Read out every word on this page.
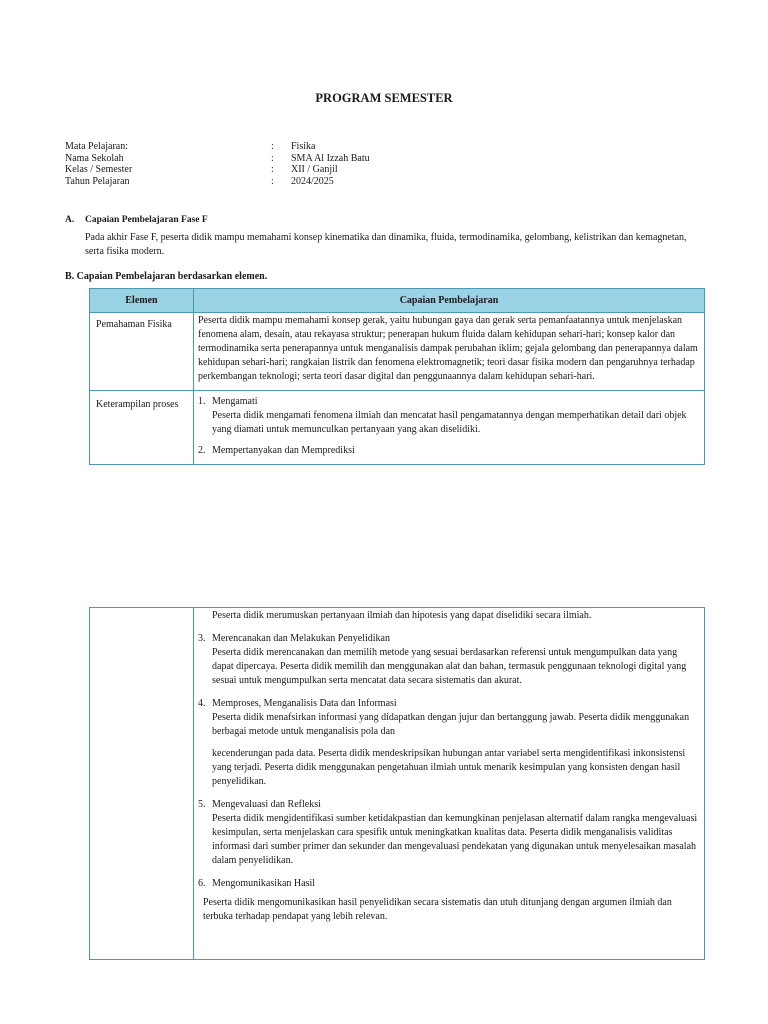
PROGRAM SEMESTER
Mata Pelajaran:	: Fisika
Nama Sekolah	: SMA Al Izzah Batu
Kelas / Semester	: XII / Ganjil
Tahun Pelajaran	: 2024/2025
A. Capaian Pembelajaran Fase F
Pada akhir Fase F, peserta didik mampu memahami konsep kinematika dan dinamika, fluida, termodinamika, gelombang, kelistrikan dan kemagnetan, serta fisika modern.
B. Capaian Pembelajaran berdasarkan elemen.
Elemen	Capaian Pembelajaran
Pemahaman Fisika	Peserta didik mampu memahami konsep gerak, yaitu hubungan gaya dan gerak serta pemanfaatannya untuk menjelaskan fenomena alam, desain, atau rekayasa struktur; penerapan hukum fluida dalam kehidupan sehari-hari; konsep kalor dan termodinamika serta penerapannya untuk menganalisis dampak perubahan iklim; gejala gelombang dan penerapannya dalam kehidupan sehari-hari; rangkaian listrik dan fenomena elektromagnetik; teori dasar fisika modern dan pengaruhnya terhadap perkembangan teknologi; serta teori dasar digital dan penggunaannya dalam kehidupan sehari-hari.
Keterampilan proses	1. Mengamati
Peserta didik mengamati fenomena ilmiah dan mencatat hasil pengamatannya dengan memperhatikan detail dari objek yang diamati untuk memunculkan pertanyaan yang akan diselidiki.
2. Mempertanyakan dan Memprediksi

Peserta didik merumuskan pertanyaan ilmiah dan hipotesis yang dapat diselidiki secara ilmiah.
3. Merencanakan dan Melakukan Penyelidikan
Peserta didik merencanakan dan memilih metode yang sesuai berdasarkan referensi untuk mengumpulkan data yang dapat dipercaya. Peserta didik memilih dan menggunakan alat dan bahan, termasuk penggunaan teknologi digital yang sesuai untuk mengumpulkan serta mencatat data secara sistematis dan akurat.
4. Memproses, Menganalisis Data dan Informasi
Peserta didik menafsirkan informasi yang didapatkan dengan jujur dan bertanggung jawab. Peserta didik menggunakan berbagai metode untuk menganalisis pola dan
kecenderungan pada data. Peserta didik mendeskripsikan hubungan antar variabel serta mengidentifikasi inkonsistensi yang terjadi. Peserta didik menggunakan pengetahuan ilmiah untuk menarik kesimpulan yang konsisten dengan hasil penyelidikan.
5. Mengevaluasi dan Refleksi
Peserta didik mengidentifikasi sumber ketidakpastian dan kemungkinan penjelasan alternatif dalam rangka mengevaluasi kesimpulan, serta menjelaskan cara spesifik untuk meningkatkan kualitas data. Peserta didik menganalisis validitas informasi dari sumber primer dan sekunder dan mengevaluasi pendekatan yang digunakan untuk menyelesaikan masalah dalam penyelidikan.
6. Mengomunikasikan Hasil
Peserta didik mengomunikasikan hasil penyelidikan secara sistematis dan utuh ditunjang dengan argumen ilmiah dan terbuka terhadap pendapat yang lebih relevan.
